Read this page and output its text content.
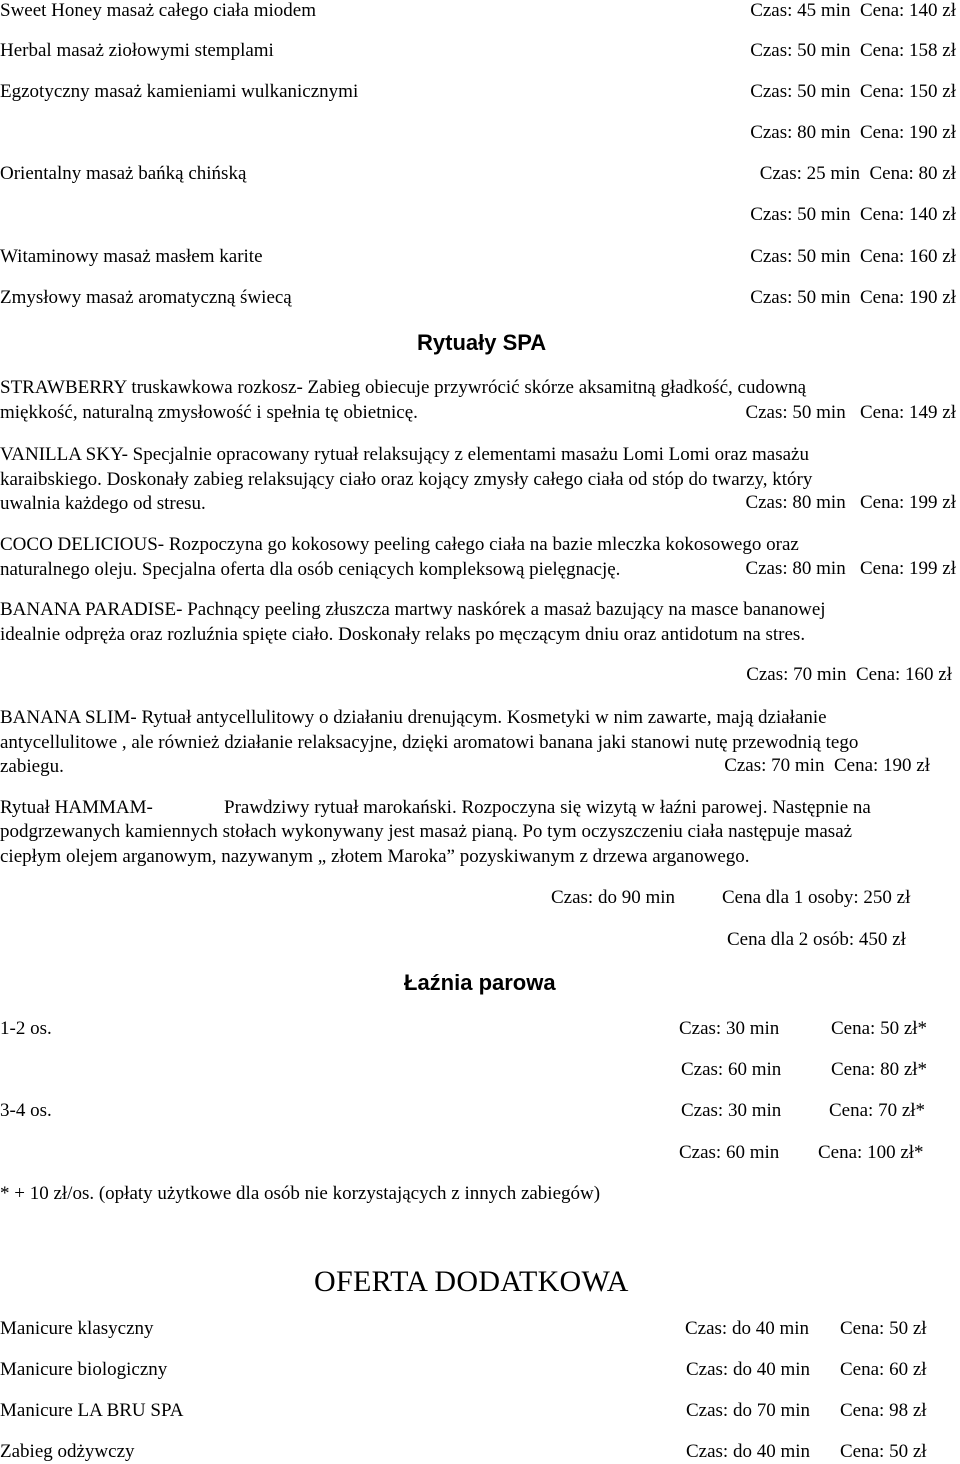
Sweet Honey masaż całego ciała miodem	Czas: 45 min Cena: 140 zł
Herbal masaż ziołowymi stemplami	Czas: 50 min Cena: 158 zł
Egzotyczny masaż kamieniami wulkanicznymi	Czas: 50 min Cena: 150 zł
Czas: 80 min Cena: 190 zł
Orientalny masaż bańką chińską	Czas: 25 min Cena: 80 zł
Czas: 50 min Cena: 140 zł
Witaminowy masaż masłem karite	Czas: 50 min Cena: 160 zł
Zmysłowy masaż aromatyczną świecą	Czas: 50 min Cena: 190 zł
Rytuały SPA
STRAWBERRY truskawkowa rozkosz- Zabieg obiecuje przywrócić skórze aksamitną gładkość, cudowną
miękkość, naturalną zmysłowość i spełnia tę obietnicę.	Czas: 50 min Cena: 149 zł
VANILLA SKY- Specjalnie opracowany rytuał relaksujący z elementami masażu Lomi Lomi oraz masażu
karaibskiego. Doskonały zabieg relaksujący ciało oraz kojący zmysły całego ciała od stóp do twarzy, który
uwalnia każdego od stresu.	Czas: 80 min Cena: 199 zł
COCO DELICIOUS- Rozpoczyna go kokosowy peeling całego ciała na bazie mleczka kokosowego oraz
naturalnego oleju. Specjalna oferta dla osób ceniących kompleksową pielęgnację.	Czas: 80 min Cena: 199 zł
BANANA PARADISE- Pachnący peeling złuszcza martwy naskórek a masaż bazujący na masce bananowej
idealnie odpręża oraz rozluźnia spięte ciało. Doskonały relaks po męczącym dniu oraz antidotum na stres.
Czas: 70 min Cena: 160 zł
BANANA SLIM- Rytuał antycellulitowy o działaniu drenującym. Kosmetyki w nim zawarte, mają działanie
antycellulitowe , ale również działanie relaksacyjne, dzięki aromatowi banana jaki stanowi nutę przewodnią tego
zabiegu.	Czas: 70 min Cena: 190 zł
Rytuał HAMMAM-	Prawdziwy rytuał marokański. Rozpoczyna się wizytą w łaźni parowej. Następnie na
podgrzewanych kamiennych stołach wykonywany jest masaż pianą. Po tym oczyszczeniu ciała następuje masaż
ciepłym olejem arganowym, nazywanym „ złotem Maroka” pozyskiwanym z drzewa arganowego.
Czas: do 90 min Cena dla 1 osoby: 250 zł
Cena dla 2 osób: 450 zł
Łaźnia parowa
1-2 os.	Czas: 30 min	Cena: 50 zł*
Czas: 60 min	Cena: 80 zł*
3-4 os.	Czas: 30 min	Cena: 70 zł*
Czas: 60 min Cena: 100 zł*
* + 10 zł/os. (opłaty użytkowe dla osób nie korzystających z innych zabiegów)
OFERTA DODATKOWA
Manicure klasyczny	Czas: do 40 min Cena: 50 zł
Manicure biologiczny	Czas: do 40 min Cena: 60 zł
Manicure LA BRU SPA	Czas: do 70 min Cena: 98 zł
Zabieg odżywczy	Czas: do 40 min Cena: 50 zł
